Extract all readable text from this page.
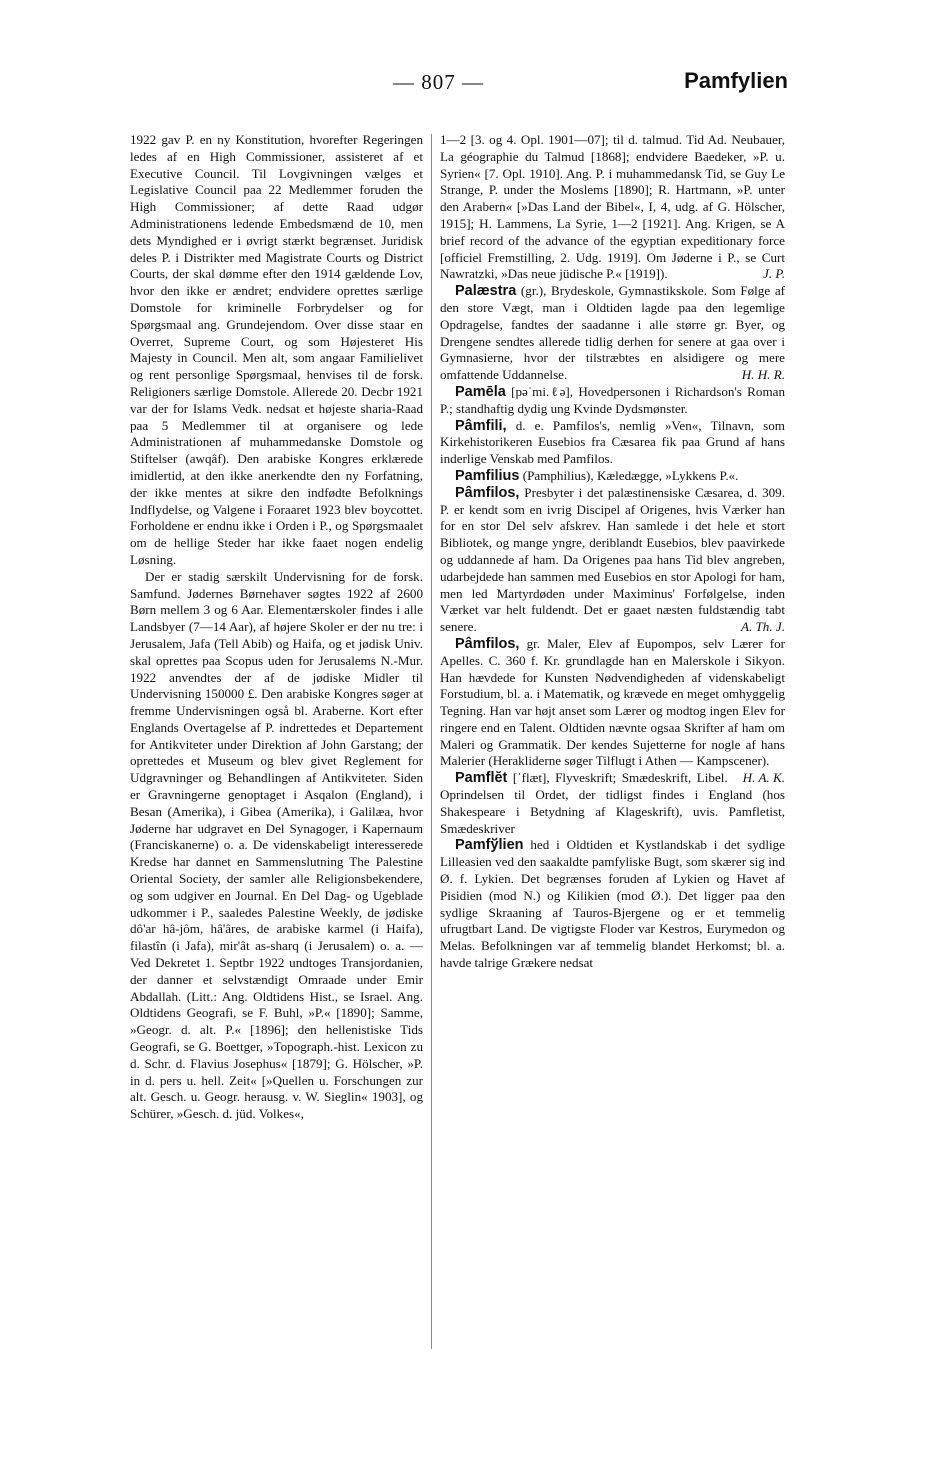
— 807 —	Pamfylien

1922 gav P. en ny Konstitution, hvorefter Regeringen ledes af en High Commissioner, assisteret af et Executive Council. Til Lovgivningen vælges et Legislative Council paa 22 Medlemmer foruden the High Commissioner; af dette Raad udgør Administrationens ledende Embedsmænd de 10, men dets Myndighed er i øvrigt stærkt begrænset. Juridisk deles P. i Distrikter med Magistrate Courts og District Courts, der skal dømme efter den 1914 gældende Lov, hvor den ikke er ændret; endvidere oprettes særlige Domstole for kriminelle Forbrydelser og for Spørgsmaal ang. Grundejendom. Over disse staar en Overret, Supreme Court, og som Højesteret His Majesty in Council. Men alt, som angaar Familielivet og rent personlige Spørgsmaal, henvises til de forsk. Religioners særlige Domstole. Allerede 20. Decbr 1921 var der for Islams Vedk. nedsat et højeste sharia-Raad paa 5 Medlemmer til at organisere og lede Administrationen af muhammedanske Domstole og Stiftelser (awqâf). Den arabiske Kongres erklærede imidlertid, at den ikke anerkendte den ny Forfatning, der ikke mentes at sikre den indfødte Befolknings Indflydelse, og Valgene i Foraaret 1923 blev boycottet. Forholdene er endnu ikke i Orden i P., og Spørgsmaalet om de hellige Steder har ikke faaet nogen endelig Løsning.

Der er stadig særskilt Undervisning for de forsk. Samfund. Jødernes Børnehaver søgtes 1922 af 2600 Børn mellem 3 og 6 Aar. Elementærskoler findes i alle Landsbyer (7—14 Aar), af højere Skoler er der nu tre: i Jerusalem, Jafa (Tell Abib) og Haifa, og et jødisk Univ. skal oprettes paa Scopus uden for Jerusalems N.-Mur. 1922 anvendtes der af de jødiske Midler til Undervisning 150000 £. Den arabiske Kongres søger at fremme Undervisningen også bl. Araberne. Kort efter Englands Overtagelse af P. indrettedes et Departement for Antikviteter under Direktion af John Garstang; der oprettedes et Museum og blev givet Reglement for Udgravninger og Behandlingen af Antikviteter. Siden er Gravningerne genoptaget i Asqalon (England), i Besan (Amerika), i Gibea (Amerika), i Galilæa, hvor Jøderne har udgravet en Del Synagoger, i Kapernaum (Franciskanerne) o. a. De videnskabeligt interesserede Kredse har dannet en Sammenslutning The Palestine Oriental Society, der samler alle Religionsbekendere, og som udgiver en Journal. En Del Dag- og Ugeblade udkommer i P., saaledes Palestine Weekly, de jødiske dô'ar hâ-jôm, hâ'âres, de arabiske karmel (i Haifa), filastîn (i Jafa), mir'ât as-sharq (i Jerusalem) o. a. — Ved Dekretet 1. Septbr 1922 undtoges Transjordanien, der danner et selvstændigt Omraade under Emir Abdallah. (Litt.: Ang. Oldtidens Hist., se Israel. Ang. Oldtidens Geografi, se F. Buhl, »P.« [1890]; Samme, »Geogr. d. alt. P.« [1896]; den hellenistiske Tids Geografi, se G. Boettger, »Topograph.-hist. Lexicon zu d. Schr. d. Flavius Josephus« [1879]; G. Hölscher, »P. in d. pers u. hell. Zeit« [»Quellen u. Forschungen zur alt. Gesch. u. Geogr. herausg. v. W. Sieglin« 1903], og Schürer, »Gesch. d. jüd. Volkes«,

1—2 [3. og 4. Opl. 1901—07]; til d. talmud. Tid Ad. Neubauer, La géographie du Talmud [1868]; endvidere Baedeker, »P. u. Syrien« [7. Opl. 1910]. Ang. P. i muhammedansk Tid, se Guy Le Strange, P. under the Moslems [1890]; R. Hartmann, »P. unter den Arabern« [»Das Land der Bibel«, I, 4, udg. af G. Hölscher, 1915]; H. Lammens, La Syrie, 1—2 [1921]. Ang. Krigen, se A brief record of the advance of the egyptian expeditionary force [officiel Fremstilling, 2. Udg. 1919]. Om Jøderne i P., se Curt Nawratzki, »Das neue jüdische P.« [1919]).	J. P.

Palæstra (gr.), Brydeskole, Gymnastikskole. Som Følge af den store Vægt, man i Oldtiden lagde paa den legemlige Opdragelse, fandtes der saadanne i alle større gr. Byer, og Drengene sendtes allerede tidlig derhen for senere at gaa over i Gymnasierne, hvor der tilstræbtes en alsidigere og mere omfattende Uddannelse.	H. H. R.

Pamēla [pəˈmi.ℓə], Hovedpersonen i Richardson's Roman P.; standhaftig dydig ung Kvinde Dydsmønster.

Pâmfili, d. e. Pamfilos's, nemlig »Ven«, Tilnavn, som Kirkehistorikeren Eusebios fra Cæsarea fik paa Grund af hans inderlige Venskab med Pamfilos.

Pamfilius (Pamphilius), Kæledægge, »Lykkens P.«.

Pâmfilos, Presbyter i det palæstinensiske Cæsarea, d. 309. P. er kendt som en ivrig Discipel af Origenes, hvis Værker han for en stor Del selv afskrev. Han samlede i det hele et stort Bibliotek, og mange yngre, deriblandt Eusebios, blev paavirkede og uddannede af ham. Da Origenes paa hans Tid blev angreben, udarbejdede han sammen med Eusebios en stor Apologi for ham, men led Martyrdøden under Maximinus' Forfølgelse, inden Værket var helt fuldendt. Det er gaaet næsten fuldstændig tabt senere.	A. Th. J.

Pâmfilos, gr. Maler, Elev af Eupompos, selv Lærer for Apelles. C. 360 f. Kr. grundlagde han en Malerskole i Sikyon. Han hævdede for Kunsten Nødvendigheden af videnskabeligt Forstudium, bl. a. i Matematik, og krævede en meget omhyggelig Tegning. Han var højt anset som Lærer og modtog ingen Elev for ringere end en Talent. Oldtiden nævnte ogsaa Skrifter af ham om Maleri og Grammatik. Der kendes Sujetterne for nogle af hans Malerier (Herakliderne søger Tilflugt i Athen — Kampscener).
H. A. K.

Pamflĕt [ˈflæt], Flyveskrift; Smædeskrift, Libel. Oprindelsen til Ordet, der tidligst findes i England (hos Shakespeare i Betydning af Klageskrift), uvis. Pamfletist, Smædeskriver

Pamfўlien hed i Oldtiden et Kystlandskab i det sydlige Lilleasien ved den saakaldte pamfyliske Bugt, som skærer sig ind Ø. f. Lykien. Det begrænses foruden af Lykien og Havet af Pisidien (mod N.) og Kilikien (mod Ø.). Det ligger paa den sydlige Skraaning af Tauros-Bjergene og er et temmelig ufrugtbart Land. De vigtigste Floder var Kestros, Eurymedon og Melas. Befolkningen var af temmelig blandet Herkomst; bl. a. havde talrige Grækere nedsat
